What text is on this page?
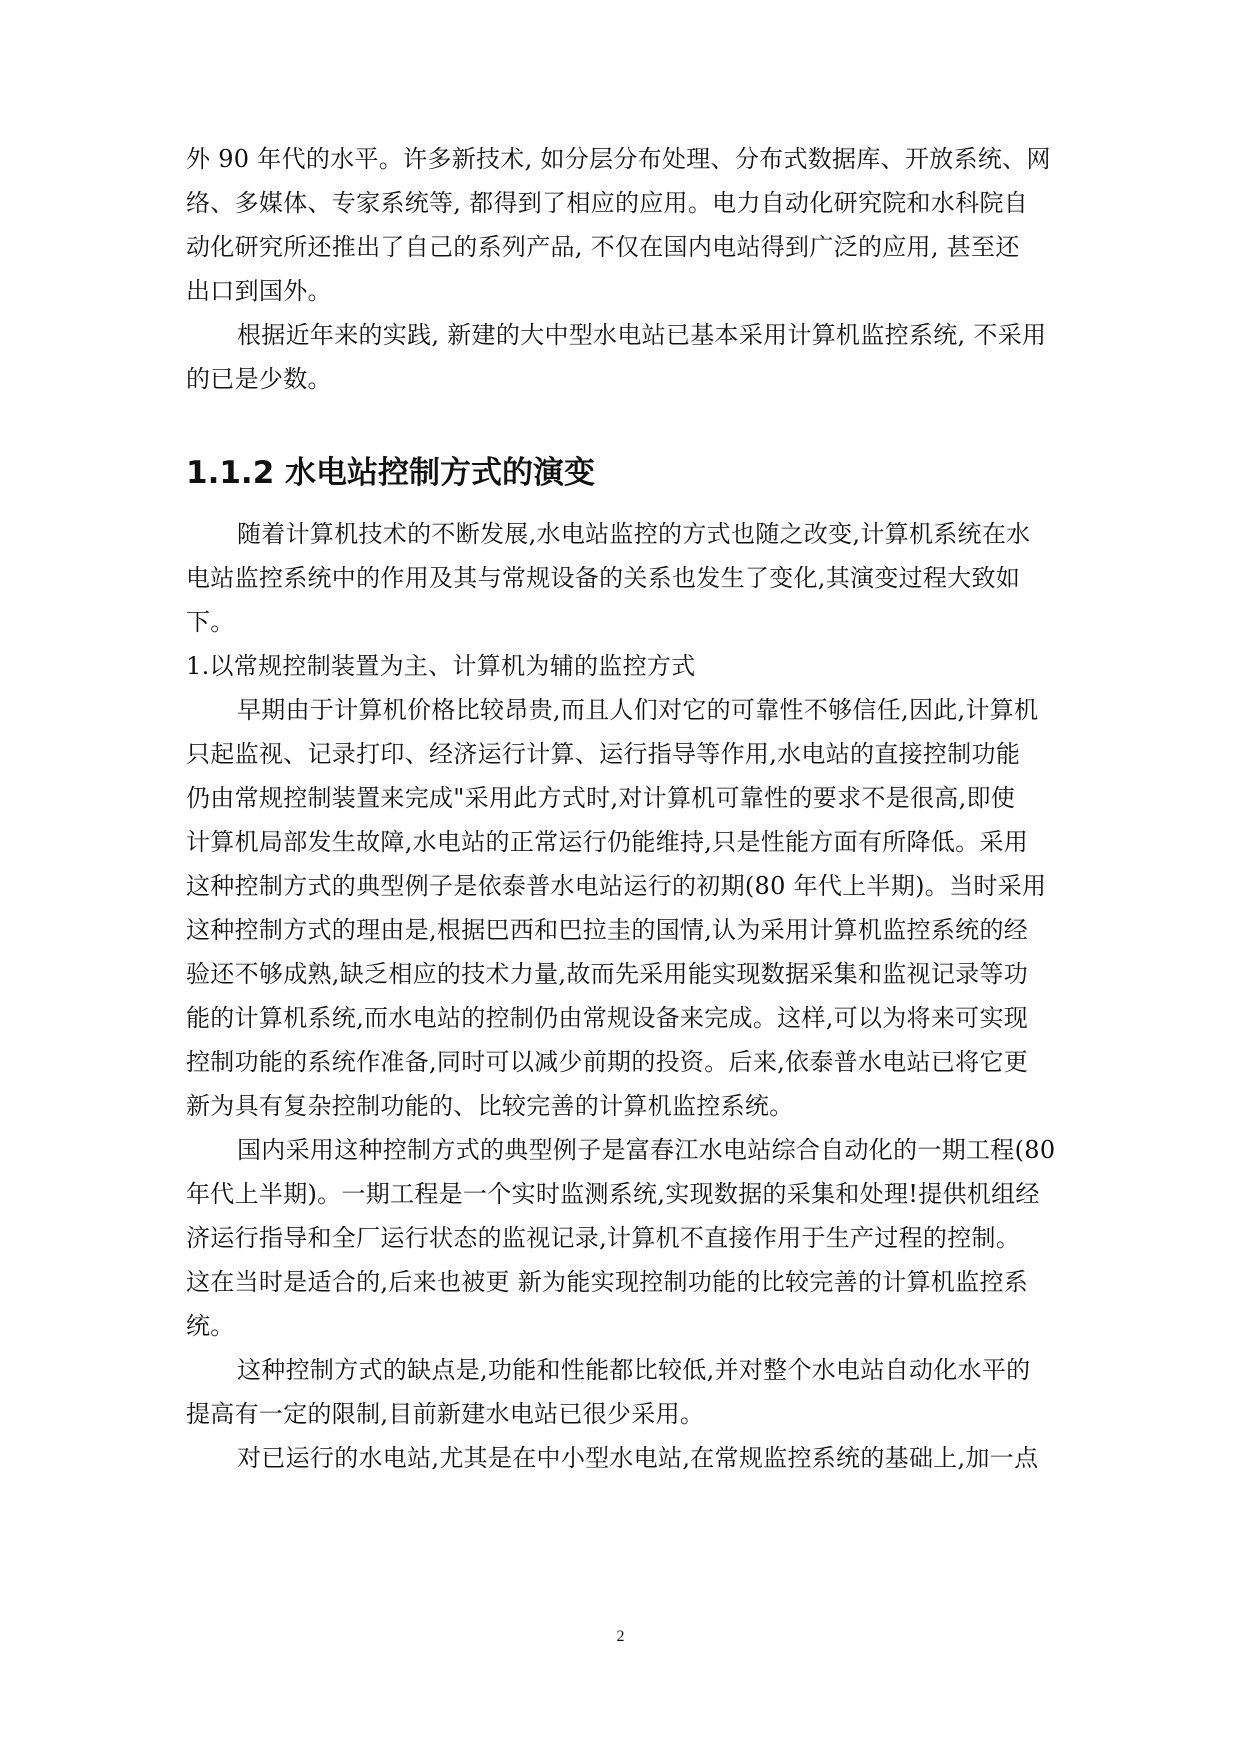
外 90 年代的水平。许多新技术, 如分层分布处理、分布式数据库、开放系统、网
络、多媒体、专家系统等, 都得到了相应的应用。电力自动化研究院和水科院自
动化研究所还推出了自己的系列产品, 不仅在国内电站得到广泛的应用, 甚至还
出口到国外。
根据近年来的实践, 新建的大中型水电站已基本采用计算机监控系统, 不采用
的已是少数。
1.1.2 水电站控制方式的演变
随着计算机技术的不断发展,水电站监控的方式也随之改变,计算机系统在水
电站监控系统中的作用及其与常规设备的关系也发生了变化,其演变过程大致如
下。
1.以常规控制装置为主、计算机为辅的监控方式
早期由于计算机价格比较昂贵,而且人们对它的可靠性不够信任,因此,计算机
只起监视、记录打印、经济运行计算、运行指导等作用,水电站的直接控制功能
仍由常规控制装置来完成"采用此方式时,对计算机可靠性的要求不是很高,即使
计算机局部发生故障,水电站的正常运行仍能维持,只是性能方面有所降低。采用
这种控制方式的典型例子是依泰普水电站运行的初期(80 年代上半期)。当时采用
这种控制方式的理由是,根据巴西和巴拉圭的国情,认为采用计算机监控系统的经
验还不够成熟,缺乏相应的技术力量,故而先采用能实现数据采集和监视记录等功
能的计算机系统,而水电站的控制仍由常规设备来完成。这样,可以为将来可实现
控制功能的系统作准备,同时可以减少前期的投资。后来,依泰普水电站已将它更
新为具有复杂控制功能的、比较完善的计算机监控系统。
国内采用这种控制方式的典型例子是富春江水电站综合自动化的一期工程(80
年代上半期)。一期工程是一个实时监测系统,实现数据的采集和处理!提供机组经
济运行指导和全厂运行状态的监视记录,计算机不直接作用于生产过程的控制。
这在当时是适合的,后来也被更 新为能实现控制功能的比较完善的计算机监控系
统。
这种控制方式的缺点是,功能和性能都比较低,并对整个水电站自动化水平的
提高有一定的限制,目前新建水电站已很少采用。
对已运行的水电站,尤其是在中小型水电站,在常规监控系统的基础上,加一点
2
